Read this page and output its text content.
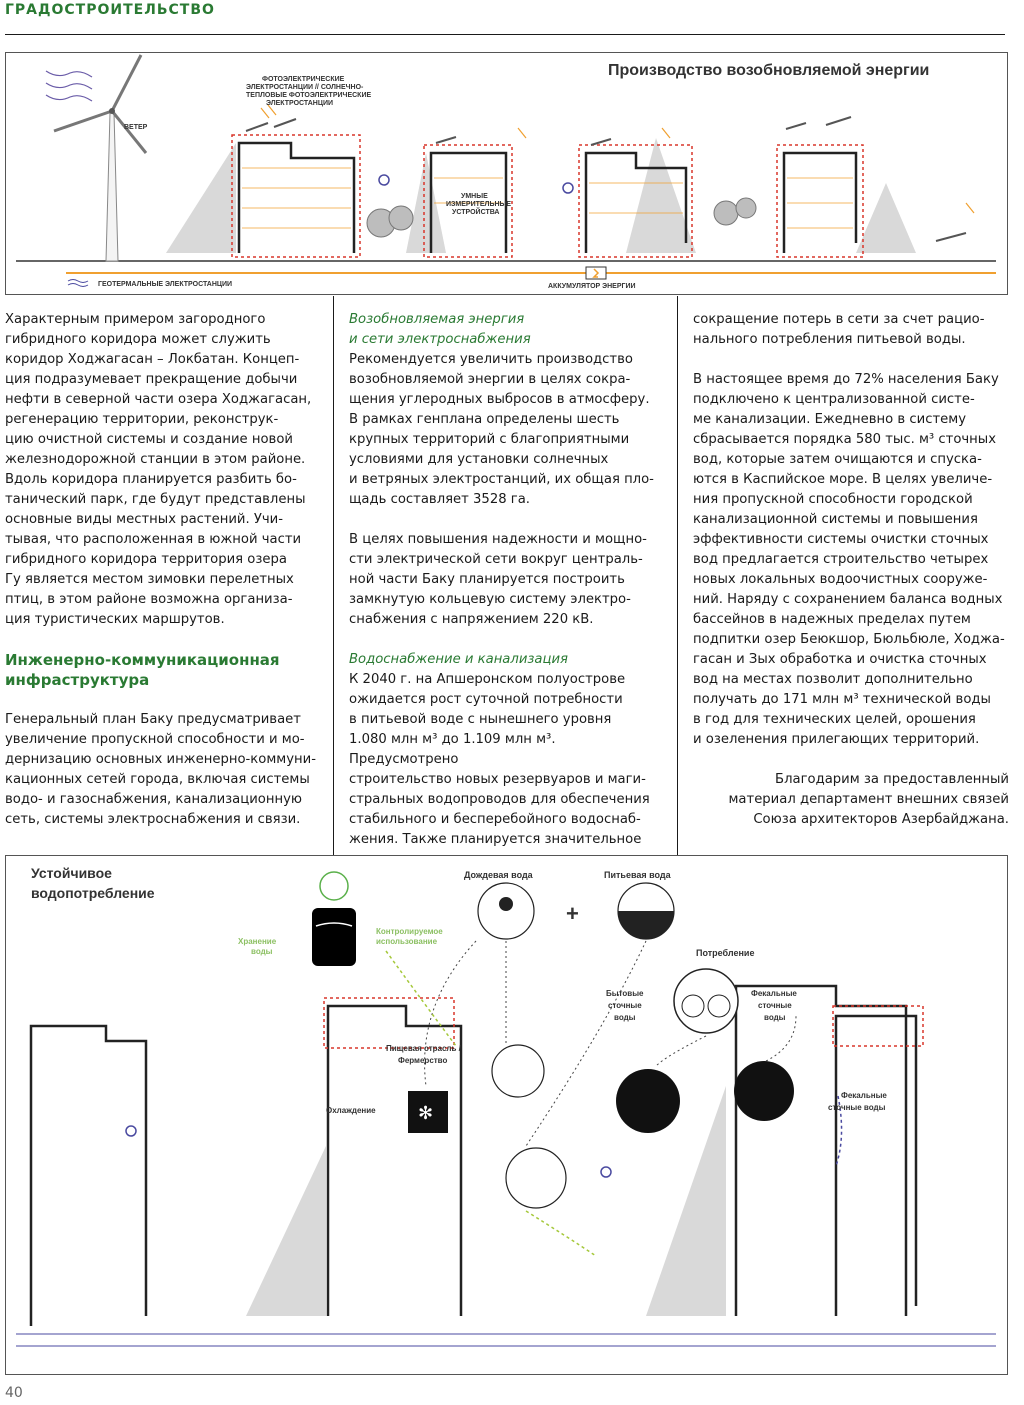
ГРАДОСТРОИТЕЛЬСТВО
Производство возобновляемой энергии
ФОТОЭЛЕКТРИЧЕСКИЕ
ЭЛЕКТРОСТАНЦИИ // СОЛНЕЧНО-
ТЕПЛОВЫЕ ФОТОЭЛЕКТРИЧЕСКИЕ
ЭЛЕКТРОСТАНЦИИ
ВЕТЕР
УМНЫЕ
ИЗМЕРИТЕЛЬНЫЕ
УСТРОЙСТВА
ГЕОТЕРМАЛЬНЫЕ ЭЛЕКТРОСТАНЦИИ	АККУМУЛЯТОР ЭНЕРГИИ

Характерным примером загородного
гибридного коридора может служить
коридор Ходжагасан – Локбатан. Концеп-
ция подразумевает прекращение добычи
нефти в северной части озера Ходжагасан,
регенерацию территории, реконструк-
цию очистной системы и создание новой
железнодорожной станции в этом районе.
Вдоль коридора планируется разбить бо-
танический парк, где будут представлены
основные виды местных растений. Учи-
тывая, что расположенная в южной части
гибридного коридора территория озера
Гу является местом зимовки перелетных
птиц, в этом районе возможна организа-
ция туристических маршрутов.

Инженерно-коммуникационная
инфраструктура

Генеральный план Баку предусматривает
увеличение пропускной способности и мо-
дернизацию основных инженерно-коммуни-
кационных сетей города, включая системы
водо- и газоснабжения, канализационную
сеть, системы электроснабжения и связи.

Возобновляемая энергия
и сети электроснабжения

Рекомендуется увеличить производство
возобновляемой энергии в целях сокра-
щения углеродных выбросов в атмосферу.
В рамках генплана определены шесть
крупных территорий с благоприятными
условиями для установки солнечных
и ветряных электростанций, их общая пло-
щадь составляет 3528 га.

В целях повышения надежности и мощно-
сти электрической сети вокруг централь-
ной части Баку планируется построить
замкнутую кольцевую систему электро-
снабжения с напряжением 220 кВ.

Водоснабжение и канализация

К 2040 г. на Апшеронском полуострове
ожидается рост суточной потребности
в питьевой воде с нынешнего уровня
1.080 млн м³ до 1.109 млн м³. Предусмотрено
строительство новых резервуаров и маги-
стральных водопроводов для обеспечения
стабильного и бесперебойного водоснаб-
жения. Также планируется значительное

сокращение потерь в сети за счет рацио-
нального потребления питьевой воды.

В настоящее время до 72% населения Баку
подключено к централизованной систе-
ме канализации. Ежедневно в систему
сбрасывается порядка 580 тыс. м³ сточных
вод, которые затем очищаются и спуска-
ются в Каспийское море. В целях увеличе-
ния пропускной способности городской
канализационной системы и повышения
эффективности системы очистки сточных
вод предлагается строительство четырех
новых локальных водоочистных сооруже-
ний. Наряду с сохранением баланса водных
бассейнов в надежных пределах путем
подпитки озер Беюкшор, Бюльбюле, Ходжа-
гасан и Зых обработка и очистка сточных
вод на местах позволит дополнительно
получать до 171 млн м³ технической воды
в год для технических целей, орошения
и озеленения прилегающих территорий.

Благодарим за предоставленный
материал департамент внешних связей
Союза архитекторов Азербайджана.
✻
Устойчивое
водопотребление
Хранение
воды
Контролируемое
использование
Дождевая вода	Питьевая вода
+
Потребление
Бытовые
сточные
воды
Фекальные
сточные
воды
Пищевая отрасль /
Фермерство
Охлаждение
Фекальные
сточные воды
40
